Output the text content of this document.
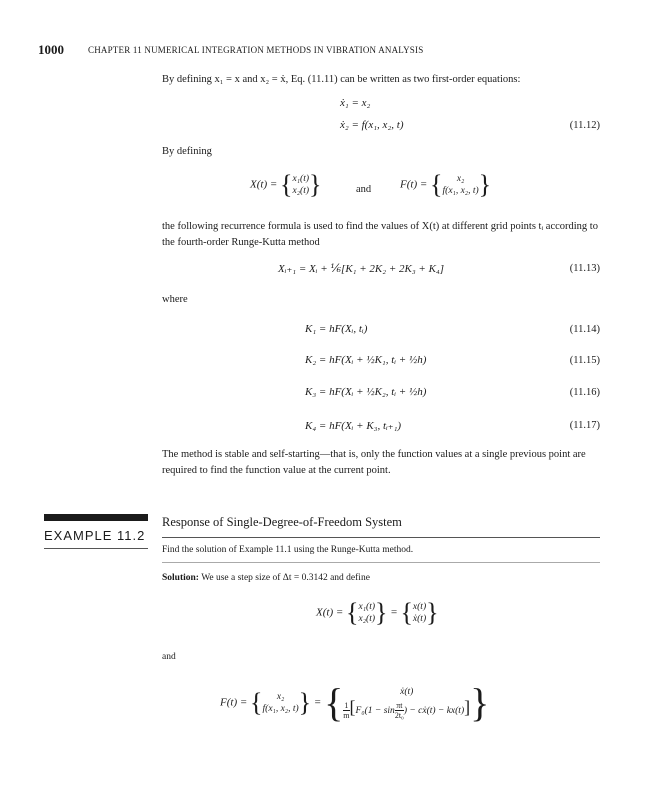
1000	CHAPTER 11 NUMERICAL INTEGRATION METHODS IN VIBRATION ANALYSIS
By defining x₁ = x and x₂ = ẋ, Eq. (11.11) can be written as two first-order equations:
ẋ₁ = x₂
ẋ₂ = f(x₁, x₂, t)	(11.12)
By defining
X(t) = { x₁(t)
x₂(t) }	and	F(t) = {	x₂
f(x₁, x₂, t) }
the following recurrence formula is used to find the values of X(t) at different grid points tᵢ according to the fourth-order Runge-Kutta method
Xᵢ₊₁ = Xᵢ + ⅙[K₁ + 2K₂ + 2K₃ + K₄]	(11.13)
where
K₁ = hF(Xᵢ, tᵢ)	(11.14)
K₂ = hF(Xᵢ + ½K₁, tᵢ + ½h)	(11.15)
K₃ = hF(Xᵢ + ½K₂, tᵢ + ½h)	(11.16)
K₄ = hF(Xᵢ + K₃, tᵢ₊₁)	(11.17)
The method is stable and self-starting—that is, only the function values at a single previous point are required to find the function value at the current point.
EXAMPLE 11.2
Response of Single-Degree-of-Freedom System
Find the solution of Example 11.1 using the Runge-Kutta method.
Solution: We use a step size of Δt = 0.3142 and define
X(t) = { x₁(t)
x₂(t) } = { x(t)
ẋ(t) }
and
F(t) = {	x₂
f(x₁, x₂, t) } = {	ẋ(t)
$\frac{1}{m} [F_0(1 - \sin \frac{\pi t}{\text{2t₀}}$ ) − cẋ(t) − kx(t)] }
